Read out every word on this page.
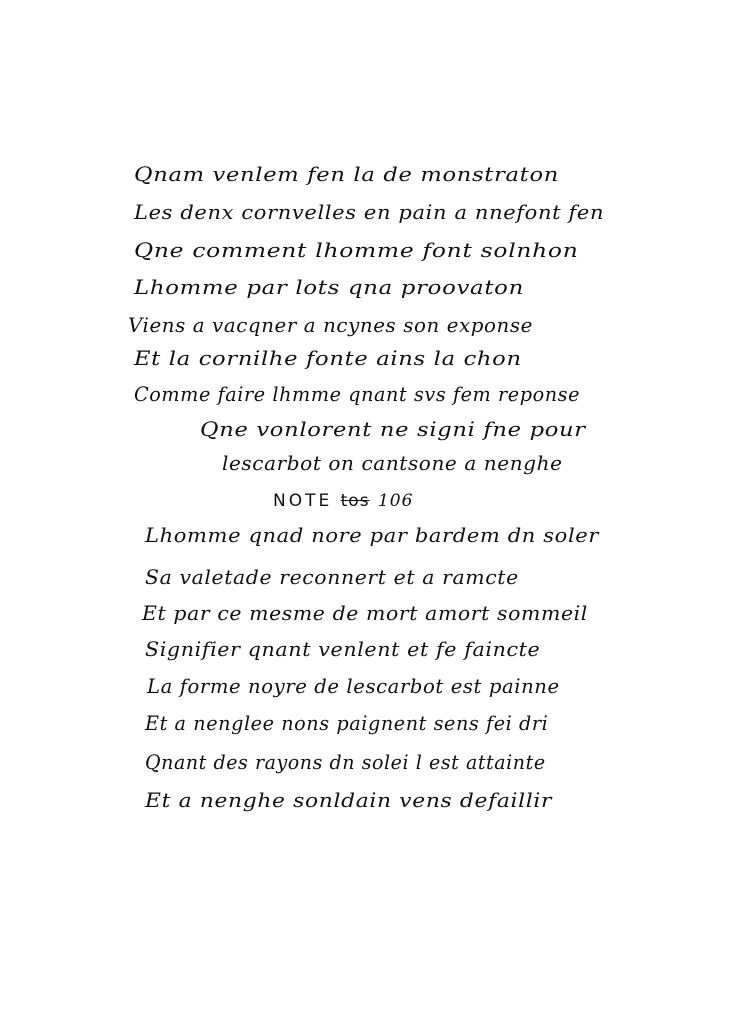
Qnam venlem fen la de monstraton
Les denx cornvelles en pain a nnefont fen
Qne comment lhomme font solnhon
Lhomme par lots qna proovaton
Viens a vacqner a ncynes son exponse
Et la cornilhe fonte ains la chon
Comme faire lhmme qnant svs fem reponse
Qne vonlorent ne signi fne pour
lescarbot on cantsone a nenghe
NOTE tos 106
Lhomme qnad nore par bardem dn soler
Sa valetade reconnert et a ramcte
Et par ce mesme de mort amort sommeil
Signifier qnant venlent et fe faincte
La forme noyre de lescarbot est painne
Et a nenglee nons paignent sens fei dri
Qnant des rayons dn solei l est attainte
Et a nenghe sonldain vens defaillir
